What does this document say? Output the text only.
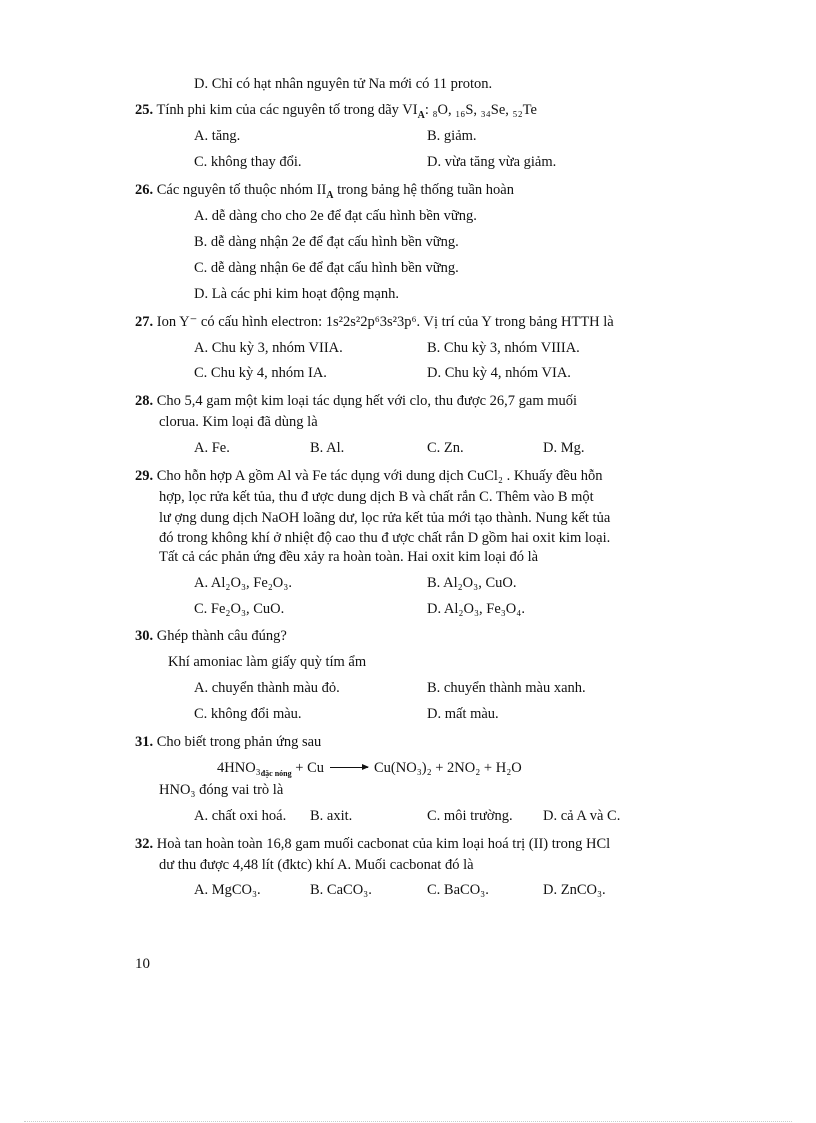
D. Chỉ có hạt nhân nguyên tử Na mới có 11 proton.
25. Tính phi kim của các nguyên tố trong dãy $VI_A$: ₈O, ₁₆S, ₃₄Se, ₅₂Te
A. tăng.	B. giảm.
C. không thay đổi.	D. vừa tăng vừa giảm.
26. Các nguyên tố thuộc nhóm $II_A$ trong bảng hệ thống tuần hoàn
A. dễ dàng cho cho 2e để đạt cấu hình bền vững.
B. dễ dàng nhận 2e để đạt cấu hình bền vững.
C. dễ dàng nhận 6e để đạt cấu hình bền vững.
D. Là các phi kim hoạt động mạnh.
27. Ion Y⁻ có cấu hình electron: 1s²2s²2p⁶3s²3p⁶. Vị trí của Y trong bảng HTTH là
A. Chu kỳ 3, nhóm VIIA.	B. Chu kỳ 3, nhóm VIIIA.
C. Chu kỳ 4, nhóm IA.	D. Chu kỳ 4, nhóm VIA.
28. Cho 5,4 gam một kim loại tác dụng hết với clo, thu được 26,7 gam muối
clorua. Kim loại đã dùng là
A. Fe.	B. Al.	C. Zn.	D. Mg.
29. Cho hỗn hợp A gồm Al và Fe tác dụng với dung dịch CuCl₂ . Khuấy đều hỗn
hợp, lọc rửa kết tủa, thu đ ược dung dịch B và chất rắn C. Thêm vào B một
lư ợng dung dịch NaOH loãng dư, lọc rửa kết tủa mới tạo thành. Nung kết tủa
đó trong không khí ở nhiệt độ cao thu đ ược chất rắn D gồm hai oxit kim loại.
Tất cả các phản ứng đều xảy ra hoàn toàn. Hai oxit kim loại đó là
A. Al₂O₃, Fe₂O₃.	B. Al₂O₃, CuO.
C. Fe₂O₃, CuO.	D. Al₂O₃, Fe₃O₄.
30. Ghép thành câu đúng?
Khí amoniac làm giấy quỳ tím ẩm
A. chuyển thành màu đỏ.	B. chuyển thành màu xanh.
C. không đổi màu.	D. mất màu.
31. Cho biết trong phản ứng sau
$4HNO_3_{đặc nóng} + Cu \to Cu(NO_3)_2 + 2NO_2 + H_2O$
HNO₃ đóng vai trò là
A. chất oxi hoá. B. axit.	C. môi trường. D. cả A và C.
32. Hoà tan hoàn toàn 16,8 gam muối cacbonat của kim loại hoá trị (II) trong HCl
dư thu được 4,48 lít (đktc) khí A. Muối cacbonat đó là
A. MgCO₃.	B. CaCO₃.	C. BaCO₃.	D. ZnCO₃.
10
